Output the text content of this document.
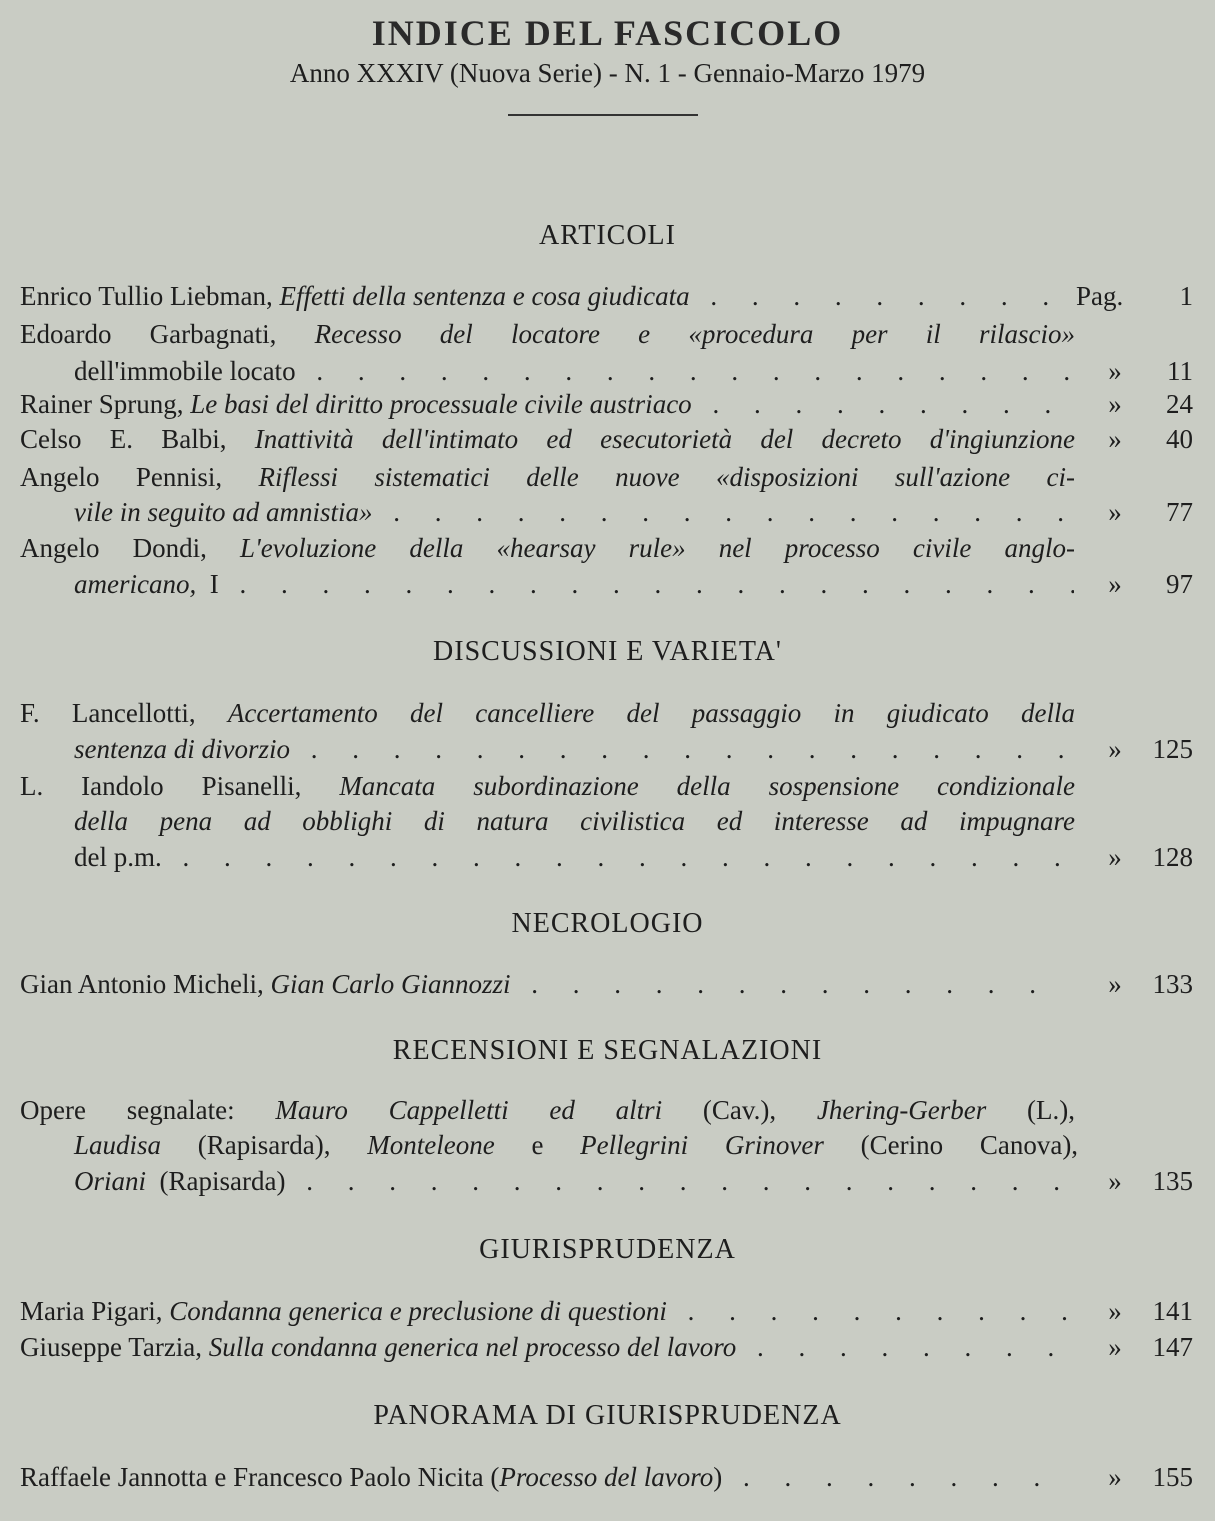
INDICE DEL FASCICOLO
Anno XXXIV (Nuova Serie) - N. 1 - Gennaio-Marzo 1979
ARTICOLI
Enrico Tullio Liebman, Effetti della sentenza e cosa giudicata . .	Pag. 1
Edoardo Garbagnati, Recesso del locatore e «procedura per il rilascio»
dell'immobile locato . .	»	11
Rainer Sprung, Le basi del diritto processuale civile austriaco . .	»	24
Celso E. Balbi, Inattività dell'intimato ed esecutorietà del decreto d'ingiunzione	»	40
Angelo Pennisi, Riflessi sistematici delle nuove «disposizioni sull'azione ci-
vile in seguito ad amnistia» . .	»	77
Angelo Dondi, L'evoluzione della «hearsay rule» nel processo civile anglo-
americano, I . .	»	97
DISCUSSIONI E VARIETA'
F. Lancellotti, Accertamento del cancelliere del passaggio in giudicato della
sentenza di divorzio . .	»	125
L. Iandolo Pisanelli, Mancata subordinazione della sospensione condizionale
della pena ad obblighi di natura civilistica ed interesse ad impugnare
del p.m. . .	»	128
NECROLOGIO
Gian Antonio Micheli, Gian Carlo Giannozzi . .	»	133
RECENSIONI E SEGNALAZIONI
Opere segnalate: Mauro Cappelletti ed altri (Cav.), Jhering-Gerber (L.),
Laudisa (Rapisarda), Monteleone e Pellegrini Grinover (Cerino Canova),
Oriani (Rapisarda) . .	»	135
GIURISPRUDENZA
Maria Pigari, Condanna generica e preclusione di questioni . .	»	141
Giuseppe Tarzia, Sulla condanna generica nel processo del lavoro . .	»	147
PANORAMA DI GIURISPRUDENZA
Raffaele Jannotta e Francesco Paolo Nicita (Processo del lavoro) . .	»	155
